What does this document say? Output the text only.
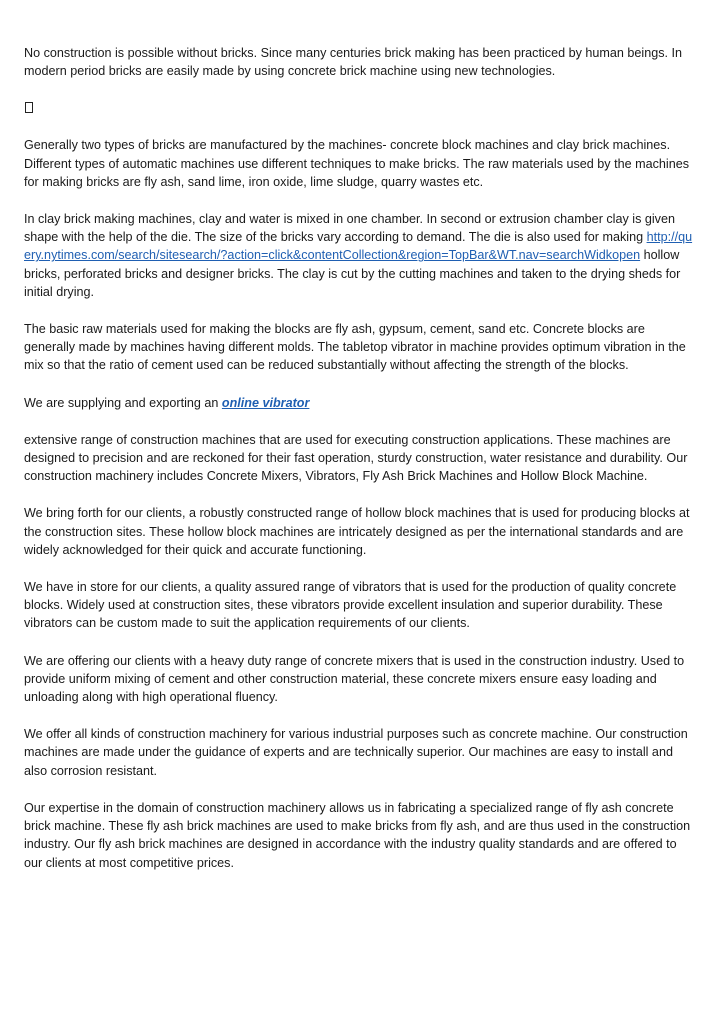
No construction is possible without bricks. Since many centuries brick making has been practiced by human beings. In modern period bricks are easily made by using concrete brick machine using new technologies.

Generally two types of bricks are manufactured by the machines- concrete block machines and clay brick machines. Different types of automatic machines use different techniques to make bricks. The raw materials used by the machines for making bricks are fly ash, sand lime, iron oxide, lime sludge, quarry wastes etc.

In clay brick making machines, clay and water is mixed in one chamber. In second or extrusion chamber clay is given shape with the help of the die. The size of the bricks vary according to demand. The die is also used for making http://query.nytimes.com/search/sitesearch/?action=click&contentCollection&region=TopBar&WT.nav=searchWidkopen hollow bricks, perforated bricks and designer bricks. The clay is cut by the cutting machines and taken to the drying sheds for initial drying.

The basic raw materials used for making the blocks are fly ash, gypsum, cement, sand etc. Concrete blocks are generally made by machines having different molds. The tabletop vibrator in machine provides optimum vibration in the mix so that the ratio of cement used can be reduced substantially without affecting the strength of the blocks.

We are supplying and exporting an online vibrator

extensive range of construction machines that are used for executing construction applications. These machines are designed to precision and are reckoned for their fast operation, sturdy construction, water resistance and durability. Our construction machinery includes Concrete Mixers, Vibrators, Fly Ash Brick Machines and Hollow Block Machine.

We bring forth for our clients, a robustly constructed range of hollow block machines that is used for producing blocks at the construction sites. These hollow block machines are intricately designed as per the international standards and are widely acknowledged for their quick and accurate functioning.

We have in store for our clients, a quality assured range of vibrators that is used for the production of quality concrete blocks. Widely used at construction sites, these vibrators provide excellent insulation and superior durability. These vibrators can be custom made to suit the application requirements of our clients.

We are offering our clients with a heavy duty range of concrete mixers that is used in the construction industry. Used to provide uniform mixing of cement and other construction material, these concrete mixers ensure easy loading and unloading along with high operational fluency.

We offer all kinds of construction machinery for various industrial purposes such as concrete machine. Our construction machines are made under the guidance of experts and are technically superior. Our machines are easy to install and also corrosion resistant.

Our expertise in the domain of construction machinery allows us in fabricating a specialized range of fly ash concrete brick machine. These fly ash brick machines are used to make bricks from fly ash, and are thus used in the construction industry. Our fly ash brick machines are designed in accordance with the industry quality standards and are offered to our clients at most competitive prices.
